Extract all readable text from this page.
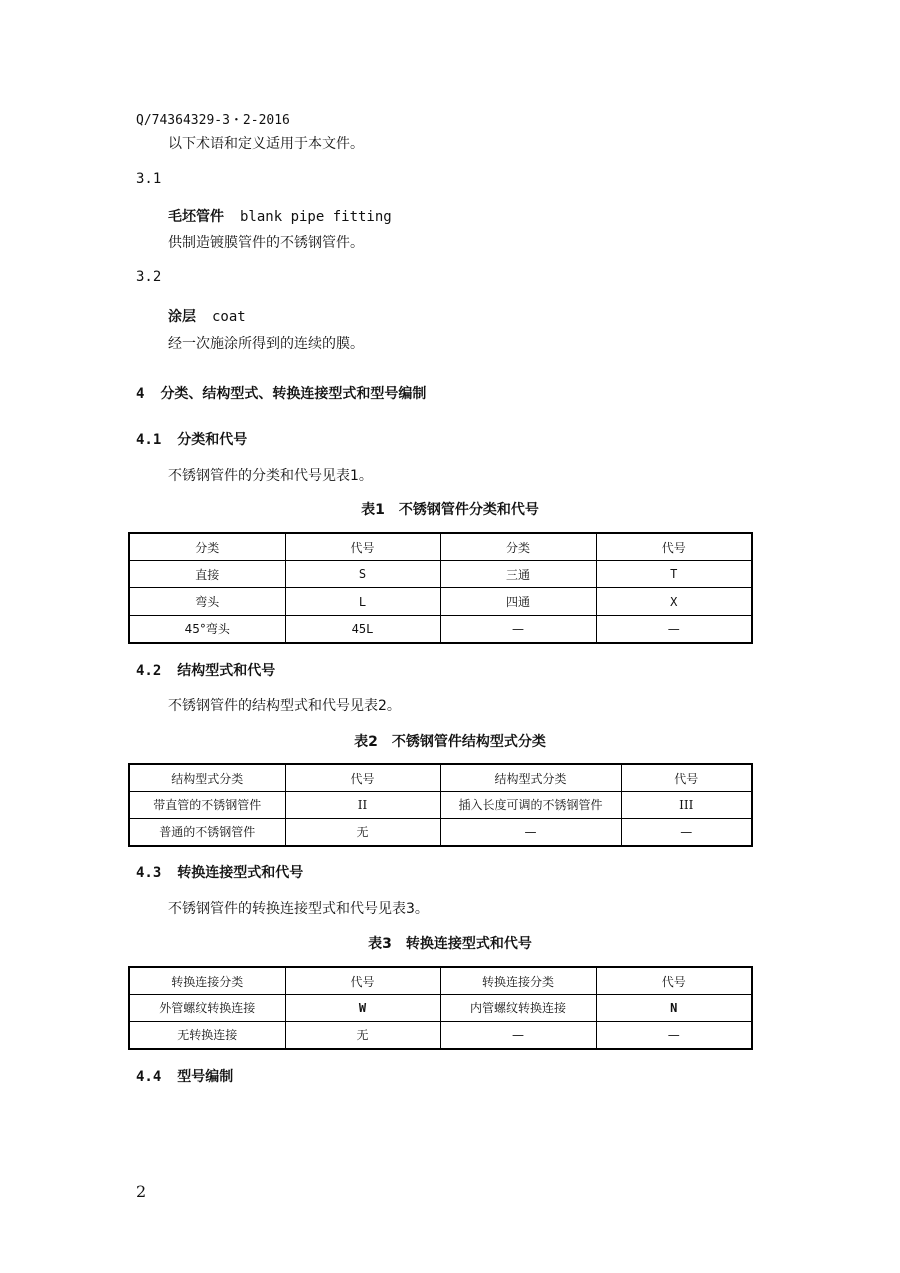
Q/74364329-3・2-2016
以下术语和定义适用于本文件。
3.1
毛坯管件 blank pipe fitting
供制造镀膜管件的不锈钢管件。
3.2
涂层 coat
经一次施涂所得到的连续的膜。
4 分类、结构型式、转换连接型式和型号编制
4.1 分类和代号
不锈钢管件的分类和代号见表1。
表1　不锈钢管件分类和代号
分类	代号	分类	代号
直接	S	三通	T
弯头	L	四通	X
45°弯头	45L	—	—
4.2 结构型式和代号
不锈钢管件的结构型式和代号见表2。
表2　不锈钢管件结构型式分类
结构型式分类	代号	结构型式分类	代号
带直管的不锈钢管件	II	插入长度可调的不锈钢管件	III
普通的不锈钢管件	无	—	—
4.3 转换连接型式和代号
不锈钢管件的转换连接型式和代号见表3。
表3　转换连接型式和代号
转换连接分类	代号	转换连接分类	代号
外管螺纹转换连接	W	内管螺纹转换连接	N
无转换连接	无	—	—
4.4 型号编制
2
